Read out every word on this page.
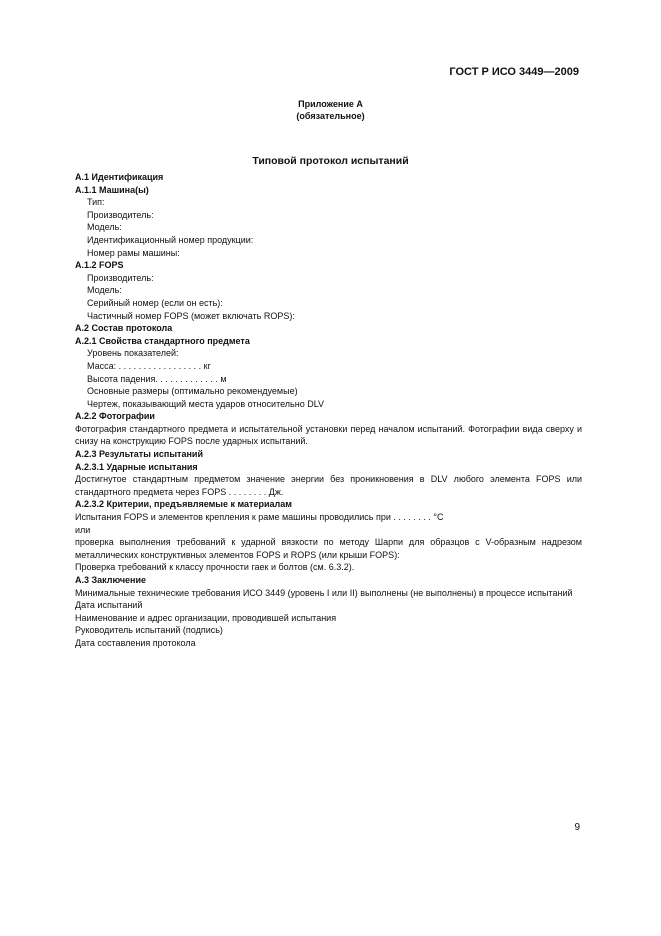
ГОСТ Р ИСО 3449—2009
Приложение А
(обязательное)
Типовой протокол испытаний
А.1 Идентификация
А.1.1 Машина(ы)
Тип:
Производитель:
Модель:
Идентификационный номер продукции:
Номер рамы машины:
А.1.2 FOPS
Производитель:
Модель:
Серийный номер (если он есть):
Частичный номер FOPS (может включать ROPS):
А.2 Состав протокола
А.2.1 Свойства стандартного предмета
Уровень показателей:
Масса: . . . . . . . . . . . . . . . . . кг
Высота падения. . . . . . . . . . . . . м
Основные размеры (оптимально рекомендуемые)
Чертеж, показывающий места ударов относительно DLV
А.2.2 Фотографии
Фотография стандартного предмета и испытательной установки перед началом испытаний. Фотографии вида сверху и снизу на конструкцию FOPS после ударных испытаний.
А.2.3 Результаты испытаний
А.2.3.1 Ударные испытания
Достигнутое стандартным предметом значение энергии без проникновения в DLV любого элемента FOPS или стандартного предмета через FOPS . . . . . . . . Дж.
А.2.3.2 Критерии, предъявляемые к материалам
Испытания FOPS и элементов крепления к раме машины проводились при . . . . . . . . °С
или
проверка выполнения требований к ударной вязкости по методу Шарпи для образцов с V-образным надрезом металлических конструктивных элементов FOPS и ROPS (или крыши FOPS):
Проверка требований к классу прочности гаек и болтов (см. 6.3.2).
А.3 Заключение
Минимальные технические требования ИСО 3449 (уровень I или II) выполнены (не выполнены) в процессе испытаний
Дата испытаний
Наименование и адрес организации, проводившей испытания
Руководитель испытаний (подпись)
Дата составления протокола
9
